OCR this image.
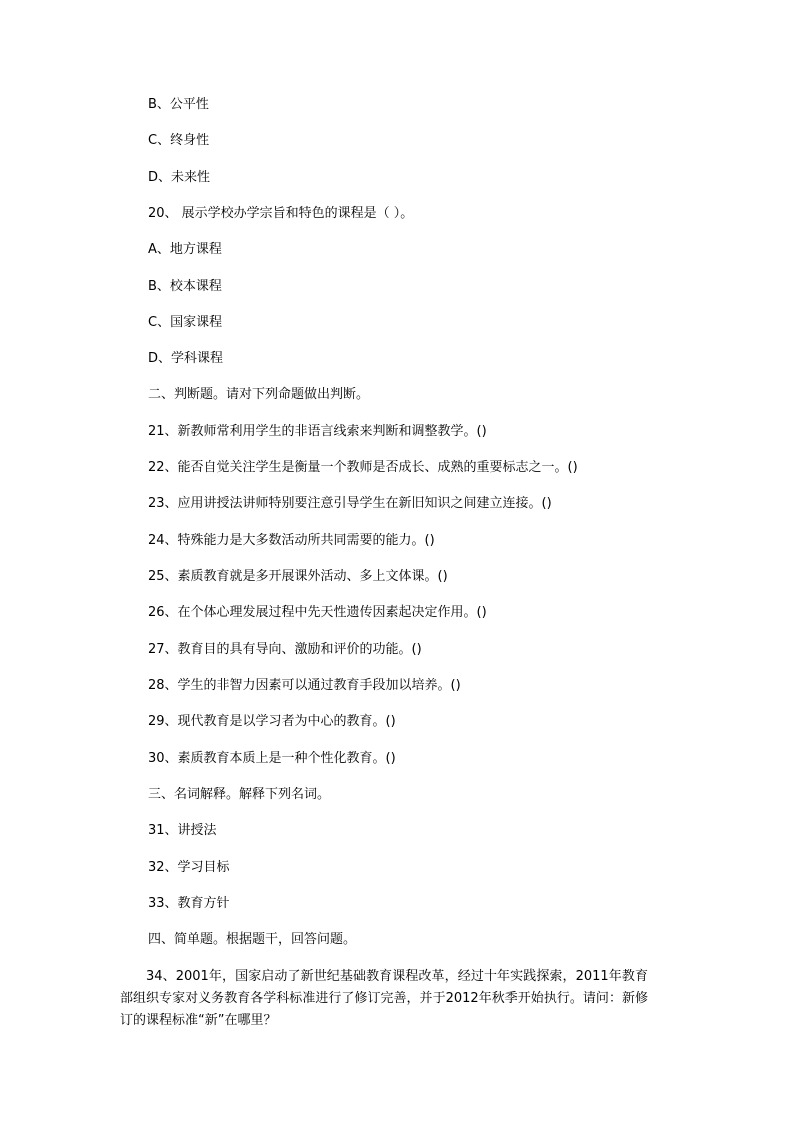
B、公平性
C、终身性
D、未来性
20、 展示学校办学宗旨和特色的课程是（ ）。
A、地方课程
B、校本课程
C、国家课程
D、学科课程
二、判断题。请对下列命题做出判断。
21、新教师常利用学生的非语言线索来判断和调整教学。()
22、能否自觉关注学生是衡量一个教师是否成长、成熟的重要标志之一。()
23、应用讲授法讲师特别要注意引导学生在新旧知识之间建立连接。()
24、特殊能力是大多数活动所共同需要的能力。()
25、素质教育就是多开展课外活动、多上文体课。()
26、在个体心理发展过程中先天性遗传因素起决定作用。()
27、教育目的具有导向、激励和评价的功能。()
28、学生的非智力因素可以通过教育手段加以培养。()
29、现代教育是以学习者为中心的教育。()
30、素质教育本质上是一种个性化教育。()
三、名词解释。解释下列名词。
31、讲授法
32、学习目标
33、教育方针
四、简单题。根据题干，回答问题。
34、2001年，国家启动了新世纪基础教育课程改革，经过十年实践探索，2011年教育部组织专家对义务教育各学科标准进行了修订完善，并于2012年秋季开始执行。请问：新修订的课程标准“新”在哪里？
